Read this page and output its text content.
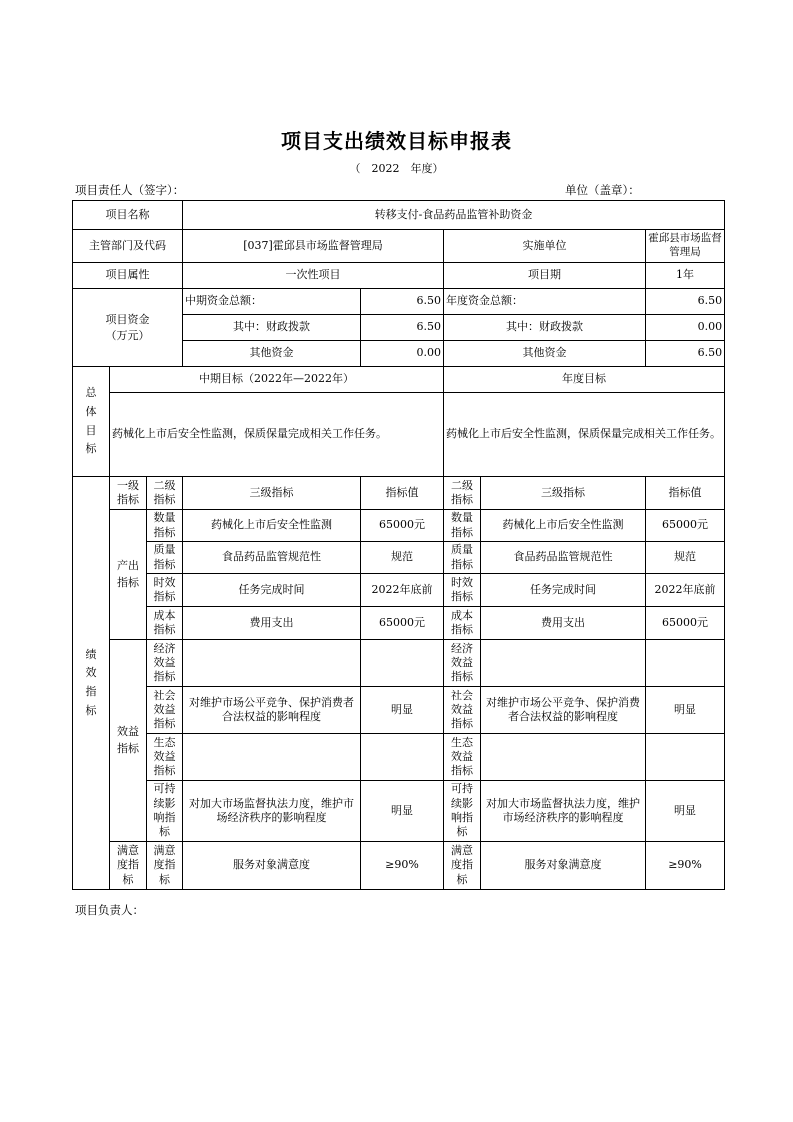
项目支出绩效目标申报表
（　2022　年度）
项目责任人（签字）：	单位（盖章）：
项目名称			转移支付-食品药品监管补助资金				
主管部门及代码			[037]霍邱县市场监督管理局		实施单位		霍邱县市场监督管理局
项目属性			一次性项目		项目期		1年
项目资金（万元）			中期资金总额：	6.50	年度资金总额：		6.50
			其中：财政拨款	6.50	其中：财政拨款		0.00
			其他资金	0.00	其他资金		6.50
总体目标	中期目标（2022年—2022年）				年度目标		
	药械化上市后安全性监测，保质保量完成相关工作任务。				药械化上市后安全性监测，保质保量完成相关工作任务。		
绩效指标	一级指标	二级指标	三级指标	指标值	二级指标	三级指标	指标值
	产出指标	数量指标	药械化上市后安全性监测	65000元	数量指标	药械化上市后安全性监测	65000元
		质量指标	食品药品监管规范性	规范	质量指标	食品药品监管规范性	规范
		时效指标	任务完成时间	2022年底前	时效指标	任务完成时间	2022年底前
		成本指标	费用支出	65000元	成本指标	费用支出	65000元
	效益指标	经济效益指标			经济效益指标		
		社会效益指标	对维护市场公平竞争、保护消费者合法权益的影响程度	明显	社会效益指标	对维护市场公平竞争、保护消费者合法权益的影响程度	明显
		生态效益指标			生态效益指标		
		可持续影响指标	对加大市场监督执法力度，维护市场经济秩序的影响程度	明显	可持续影响指标	对加大市场监督执法力度，维护市场经济秩序的影响程度	明显
	满意度指标	满意度指标	服务对象满意度	≥90%	满意度指标	服务对象满意度	≥90%
项目负责人：
